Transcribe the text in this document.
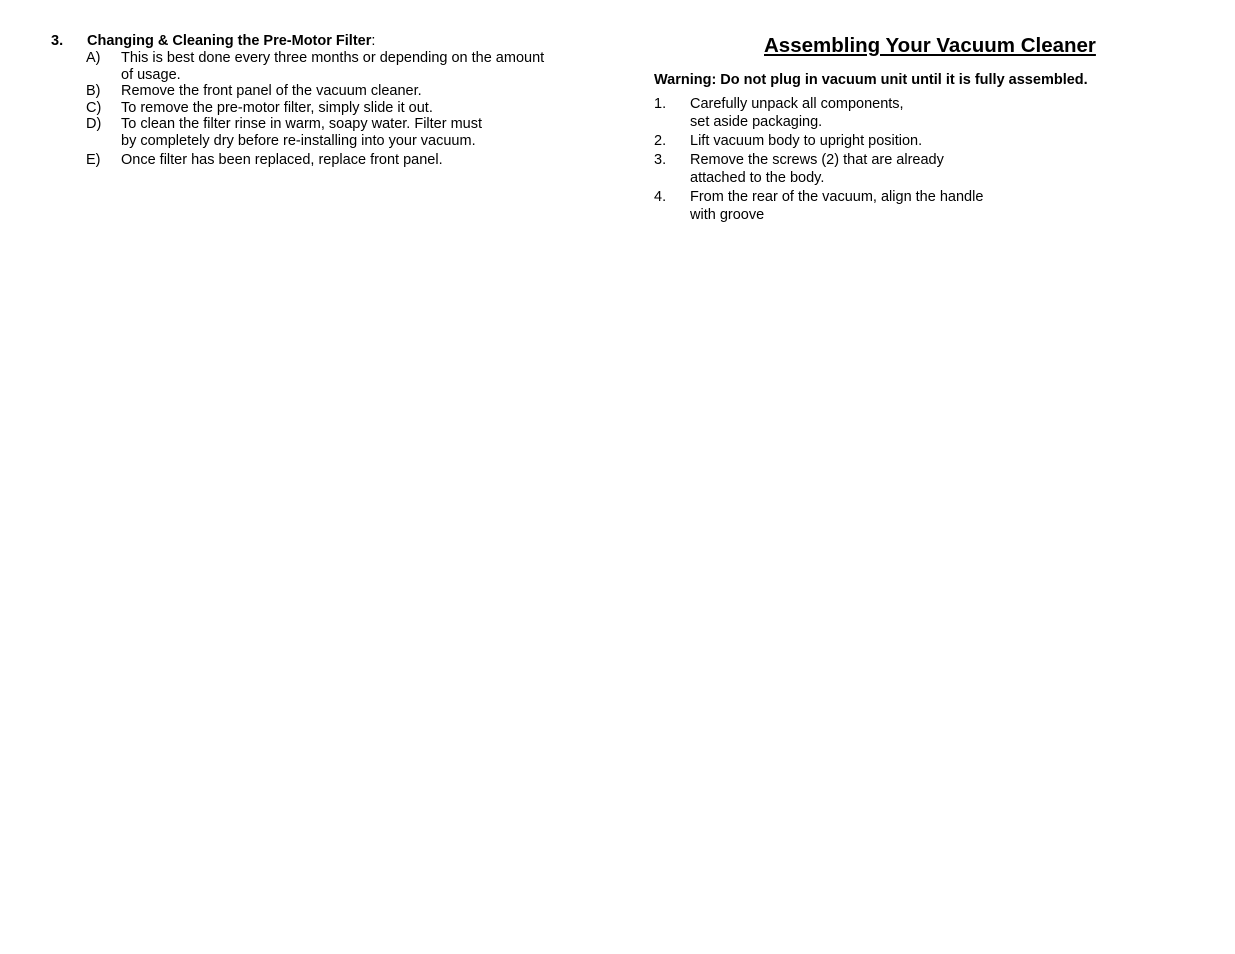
3. Changing & Cleaning the Pre-Motor Filter:
A) This is best done every three months or depending on the amount
of usage.
B) Remove the front panel of the vacuum cleaner.
C) To remove the pre-motor filter, simply slide it out.
D) To clean the filter rinse in warm, soapy water. Filter must
by completely dry before re-installing into your vacuum.
E) Once filter has been replaced, replace front panel.
Assembling Your Vacuum Cleaner
Warning: Do not plug in vacuum unit until it is fully assembled.
1. Carefully unpack all components,
set aside packaging.
2. Lift vacuum body to upright position.
3. Remove the screws (2) that are already
attached to the body.
4. From the rear of the vacuum, align the handle
with groove
